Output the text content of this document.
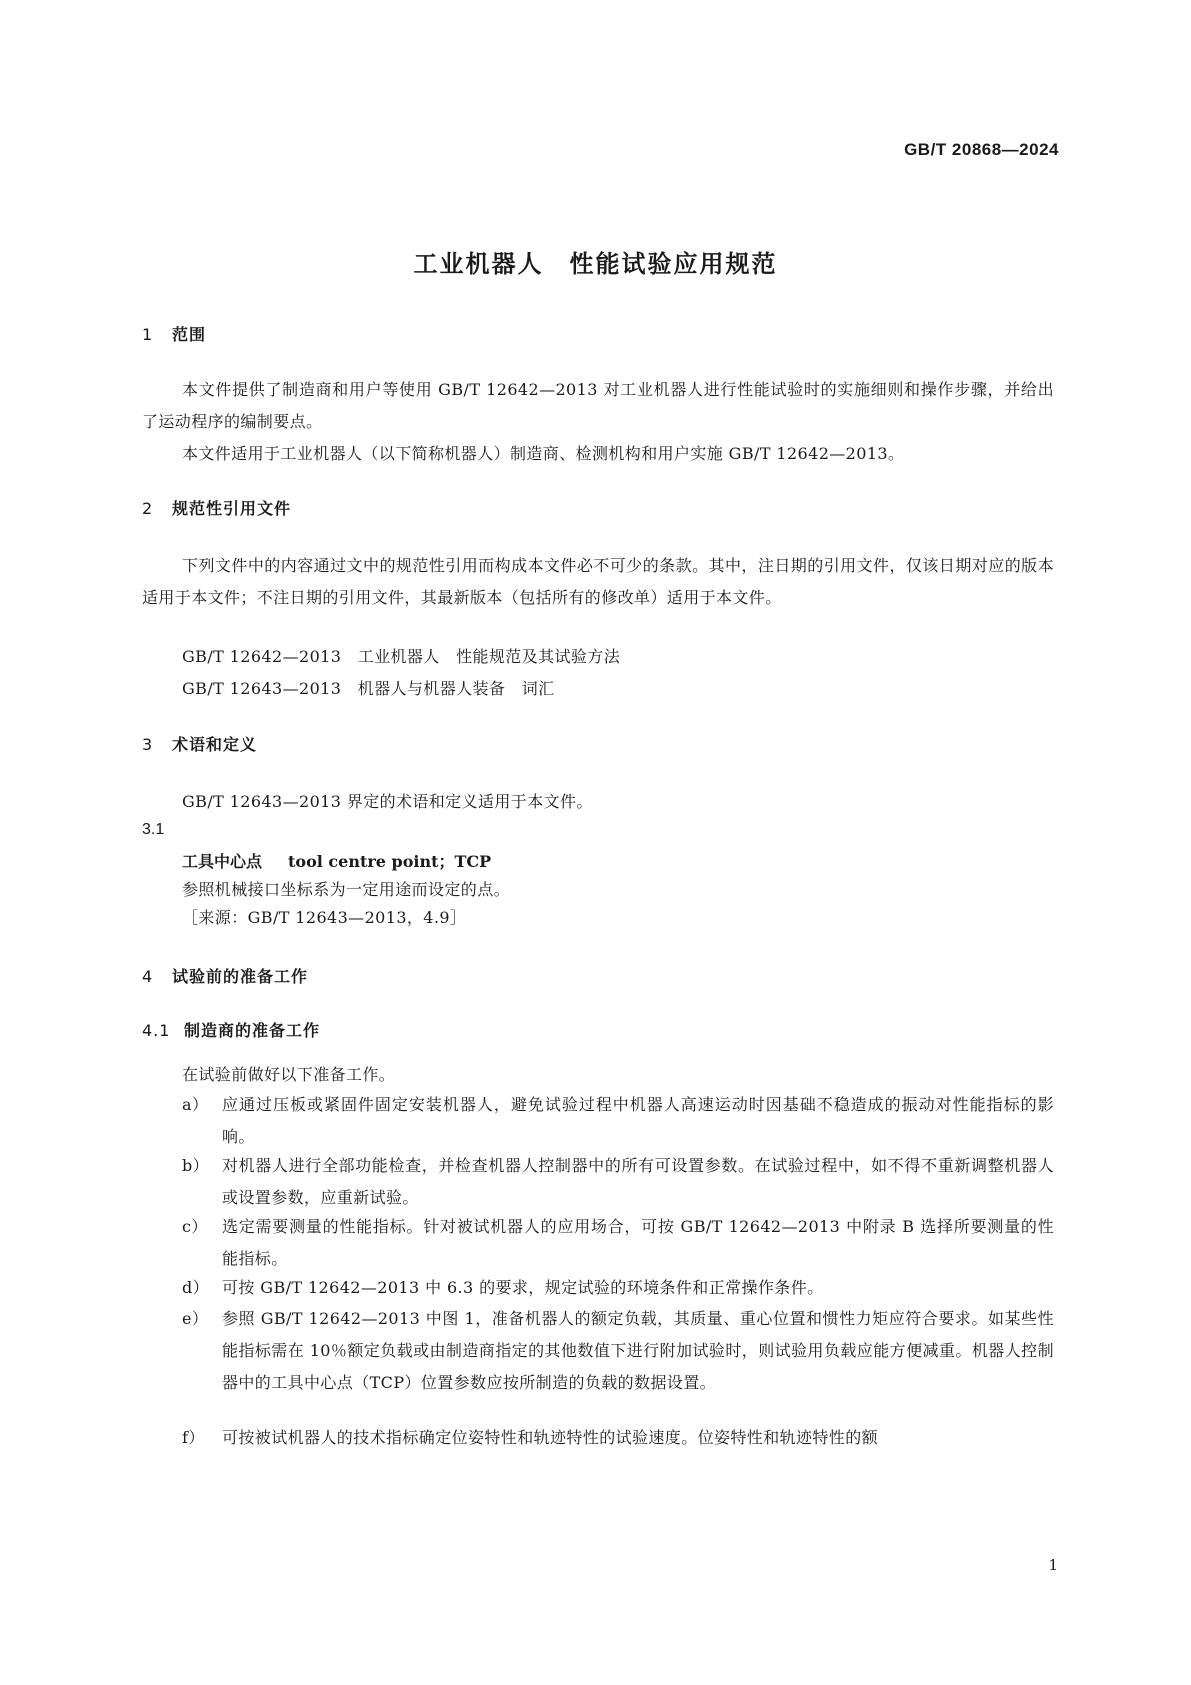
GB/T 20868—2024
工业机器人　性能试验应用规范
1 范围
本文件提供了制造商和用户等使用 GB/T 12642—2013 对工业机器人进行性能试验时的实施细则和操作步骤，并给出了运动程序的编制要点。
本文件适用于工业机器人（以下简称机器人）制造商、检测机构和用户实施 GB/T 12642—2013。
2 规范性引用文件
下列文件中的内容通过文中的规范性引用而构成本文件必不可少的条款。其中，注日期的引用文件，仅该日期对应的版本适用于本文件；不注日期的引用文件，其最新版本（包括所有的修改单）适用于本文件。
GB/T 12642—2013　工业机器人　性能规范及其试验方法
GB/T 12643—2013　机器人与机器人装备　词汇
3 术语和定义
GB/T 12643—2013 界定的术语和定义适用于本文件。
3.1
工具中心点 tool centre point；TCP
参照机械接口坐标系为一定用途而设定的点。
［来源：GB/T 12643—2013，4.9］
4 试验前的准备工作
4.1 制造商的准备工作
在试验前做好以下准备工作。
a） 应通过压板或紧固件固定安装机器人，避免试验过程中机器人高速运动时因基础不稳造成的振动对性能指标的影响。
b） 对机器人进行全部功能检查，并检查机器人控制器中的所有可设置参数。在试验过程中，如不得不重新调整机器人或设置参数，应重新试验。
c） 选定需要测量的性能指标。针对被试机器人的应用场合，可按 GB/T 12642—2013 中附录 B 选择所要测量的性能指标。
d） 可按 GB/T 12642—2013 中 6.3 的要求，规定试验的环境条件和正常操作条件。
e） 参照 GB/T 12642—2013 中图 1，准备机器人的额定负载，其质量、重心位置和惯性力矩应符合要求。如某些性能指标需在 10％额定负载或由制造商指定的其他数值下进行附加试验时，则试验用负载应能方便减重。机器人控制器中的工具中心点（TCP）位置参数应按所制造的负载的数据设置。
f） 可按被试机器人的技术指标确定位姿特性和轨迹特性的试验速度。位姿特性和轨迹特性的额
1
